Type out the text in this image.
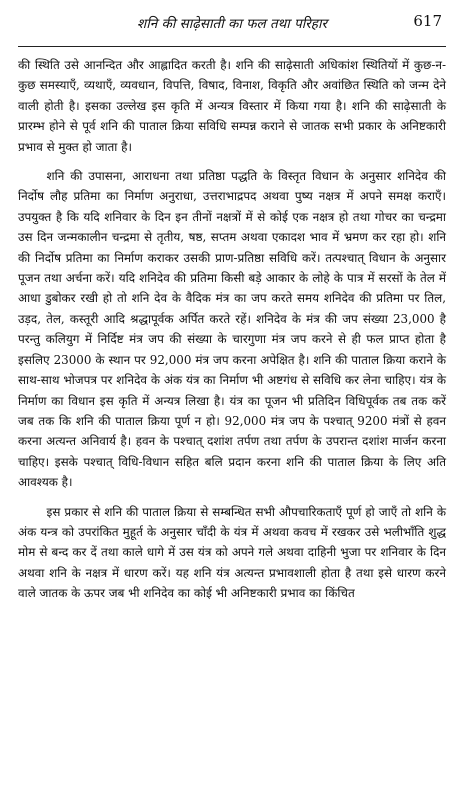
शनि की साढ़ेसाती का फल तथा परिहार	617

की स्थिति उसे आनन्दित और आह्लादित करती है। शनि की साढ़ेसाती अधिकांश स्थितियों में कुछ-न-कुछ समस्याएँ, व्यथाएँ, व्यवधान, विपत्ति, विषाद, विनाश, विकृति और अवांछित स्थिति को जन्म देने वाली होती है। इसका उल्लेख इस कृति में अन्यत्र विस्तार में किया गया है। शनि की साढ़ेसाती के प्रारम्भ होने से पूर्व शनि की पाताल क्रिया सविधि सम्पन्न कराने से जातक सभी प्रकार के अनिष्टकारी प्रभाव से मुक्त हो जाता है।

शनि की उपासना, आराधना तथा प्रतिष्ठा पद्धति के विस्तृत विधान के अनुसार शनिदेव की निर्दोष लौह प्रतिमा का निर्माण अनुराधा, उत्तराभाद्रपद अथवा पुष्य नक्षत्र में अपने समक्ष कराएँ। उपयुक्त है कि यदि शनिवार के दिन इन तीनों नक्षत्रों में से कोई एक नक्षत्र हो तथा गोचर का चन्द्रमा उस दिन जन्मकालीन चन्द्रमा से तृतीय, षष्ठ, सप्तम अथवा एकादश भाव में भ्रमण कर रहा हो। शनि की निर्दोष प्रतिमा का निर्माण कराकर उसकी प्राण-प्रतिष्ठा सविधि करें। तत्पश्चात् विधान के अनुसार पूजन तथा अर्चना करें। यदि शनिदेव की प्रतिमा किसी बड़े आकार के लोहे के पात्र में सरसों के तेल में आधा डुबोकर रखी हो तो शनि देव के वैदिक मंत्र का जप करते समय शनिदेव की प्रतिमा पर तिल, उड़द, तेल, कस्तूरी आदि श्रद्धापूर्वक अर्पित करते रहें। शनिदेव के मंत्र की जप संख्या 23,000 है परन्तु कलियुग में निर्दिष्ट मंत्र जप की संख्या के चारगुणा मंत्र जप करने से ही फल प्राप्त होता है इसलिए 23000 के स्थान पर 92,000 मंत्र जप करना अपेक्षित है। शनि की पाताल क्रिया कराने के साथ-साथ भोजपत्र पर शनिदेव के अंक यंत्र का निर्माण भी अष्टगंध से सविधि कर लेना चाहिए। यंत्र के निर्माण का विधान इस कृति में अन्यत्र लिखा है। यंत्र का पूजन भी प्रतिदिन विधिपूर्वक तब तक करें जब तक कि शनि की पाताल क्रिया पूर्ण न हो। 92,000 मंत्र जप के पश्चात् 9200 मंत्रों से हवन करना अत्यन्त अनिवार्य है। हवन के पश्चात् दशांश तर्पण तथा तर्पण के उपरान्त दशांश मार्जन करना चाहिए। इसके पश्चात् विधि-विधान सहित बलि प्रदान करना शनि की पाताल क्रिया के लिए अति आवश्यक है।

इस प्रकार से शनि की पाताल क्रिया से सम्बन्धित सभी औपचारिकताएँ पूर्ण हो जाएँ तो शनि के अंक यन्त्र को उपरांकित मुहूर्त के अनुसार चाँदी के यंत्र में अथवा कवच में रखकर उसे भलीभाँति शुद्ध मोम से बन्द कर दें तथा काले धागे में उस यंत्र को अपने गले अथवा दाहिनी भुजा पर शनिवार के दिन अथवा शनि के नक्षत्र में धारण करें। यह शनि यंत्र अत्यन्त प्रभावशाली होता है तथा इसे धारण करने वाले जातक के ऊपर जब भी शनिदेव का कोई भी अनिष्टकारी प्रभाव का किंचित
